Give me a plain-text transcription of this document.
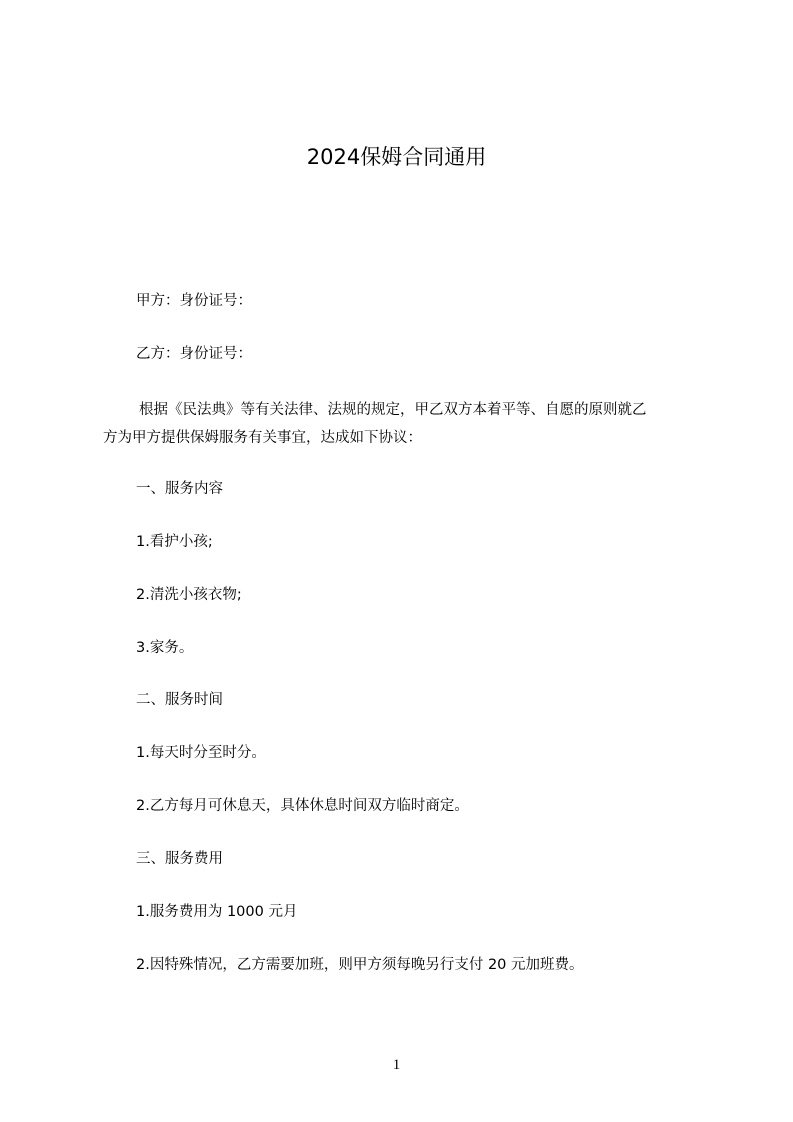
2024保姆合同通用
甲方：身份证号：
乙方：身份证号：
根据《民法典》等有关法律、法规的规定，甲乙双方本着平等、自愿的原则就乙
方为甲方提供保姆服务有关事宜，达成如下协议：
一、服务内容
1.看护小孩;
2.清洗小孩衣物;
3.家务。
二、服务时间
1.每天时分至时分。
2.乙方每月可休息天，具体休息时间双方临时商定。
三、服务费用
1.服务费用为 1000 元月
2.因特殊情况，乙方需要加班，则甲方须每晚另行支付 20 元加班费。
1
